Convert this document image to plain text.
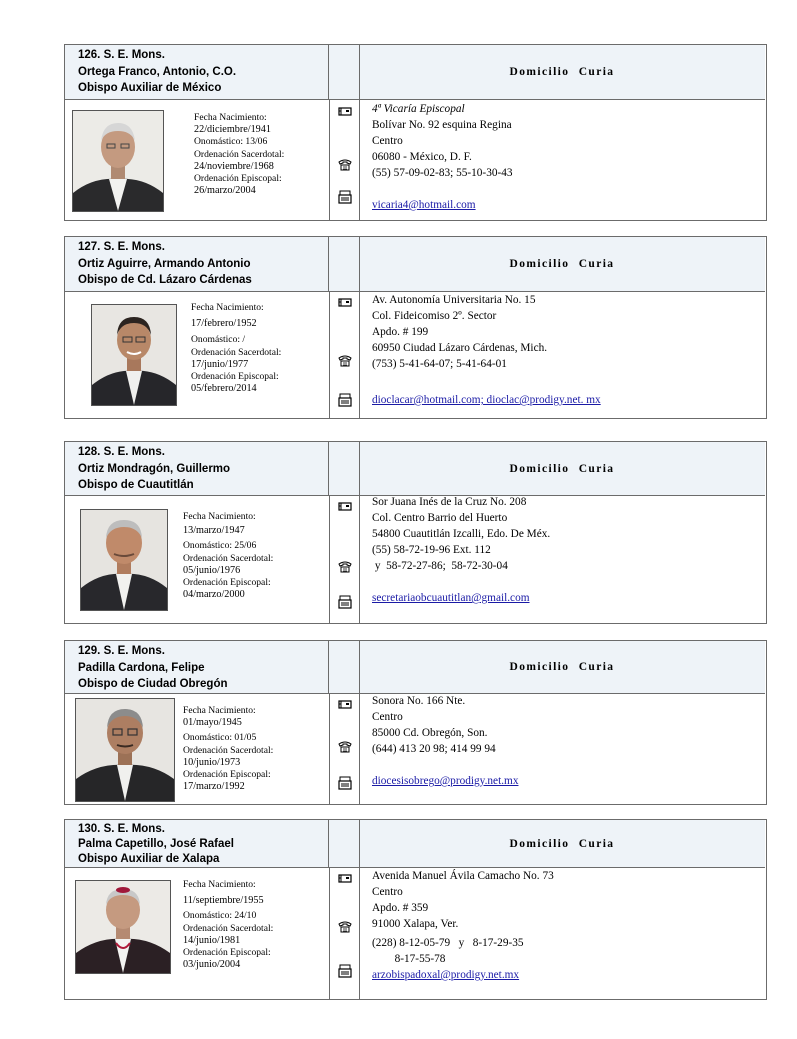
126. S. E. Mons.
Ortega Franco, Antonio, C.O.
Obispo Auxiliar de México
Domicilio Curia
Fecha Nacimiento:
22/diciembre/1941
Onomástico: 13/06
Ordenación Sacerdotal:
24/noviembre/1968
Ordenación Episcopal:
26/marzo/2004
4ª Vicaría Episcopal
Bolívar No. 92 esquina Regina
Centro
06080 - México, D. F.
(55) 57-09-02-83; 55-10-30-43
vicaria4@hotmail.com
127. S. E. Mons.
Ortiz Aguirre, Armando Antonio
Obispo de Cd. Lázaro Cárdenas
Domicilio Curia
Fecha Nacimiento:
17/febrero/1952
Onomástico: /
Ordenación Sacerdotal:
17/junio/1977
Ordenación Episcopal:
05/febrero/2014
Av. Autonomía Universitaria No. 15
Col. Fideicomiso 2º. Sector
Apdo. # 199
60950 Ciudad Lázaro Cárdenas, Mich.
(753) 5-41-64-07; 5-41-64-01
dioclacar@hotmail.com; dioclac@prodigy.net. mx
128. S. E. Mons.
Ortiz Mondragón, Guillermo
Obispo de Cuautitlán
Domicilio Curia
Fecha Nacimiento:
13/marzo/1947
Onomástico: 25/06
Ordenación Sacerdotal:
05/junio/1976
Ordenación Episcopal:
04/marzo/2000
Sor Juana Inés de la Cruz No. 208
Col. Centro Barrio del Huerto
54800 Cuautitlán Izcalli, Edo. De Méx.
(55) 58-72-19-96 Ext. 112
y  58-72-27-86;  58-72-30-04
secretariaobcuautitlan@gmail.com
129. S. E. Mons.
Padilla Cardona, Felipe
Obispo de Ciudad Obregón
Domicilio Curia
Fecha Nacimiento:
01/mayo/1945
Onomástico: 01/05
Ordenación Sacerdotal:
10/junio/1973
Ordenación Episcopal:
17/marzo/1992
Sonora No. 166 Nte.
Centro
85000 Cd. Obregón, Son.
(644) 413 20 98; 414 99 94
diocesisobrego@prodigy.net.mx
130. S. E. Mons.
Palma Capetillo, José Rafael
Obispo Auxiliar de Xalapa
Domicilio Curia
Fecha Nacimiento:
11/septiembre/1955
Onomástico: 24/10
Ordenación Sacerdotal:
14/junio/1981
Ordenación Episcopal:
03/junio/2004
Avenida Manuel Ávila Camacho No. 73
Centro
Apdo. # 359
91000 Xalapa, Ver.
(228) 8-12-05-79   y   8-17-29-35
8-17-55-78
arzobispadoxal@prodigy.net.mx
